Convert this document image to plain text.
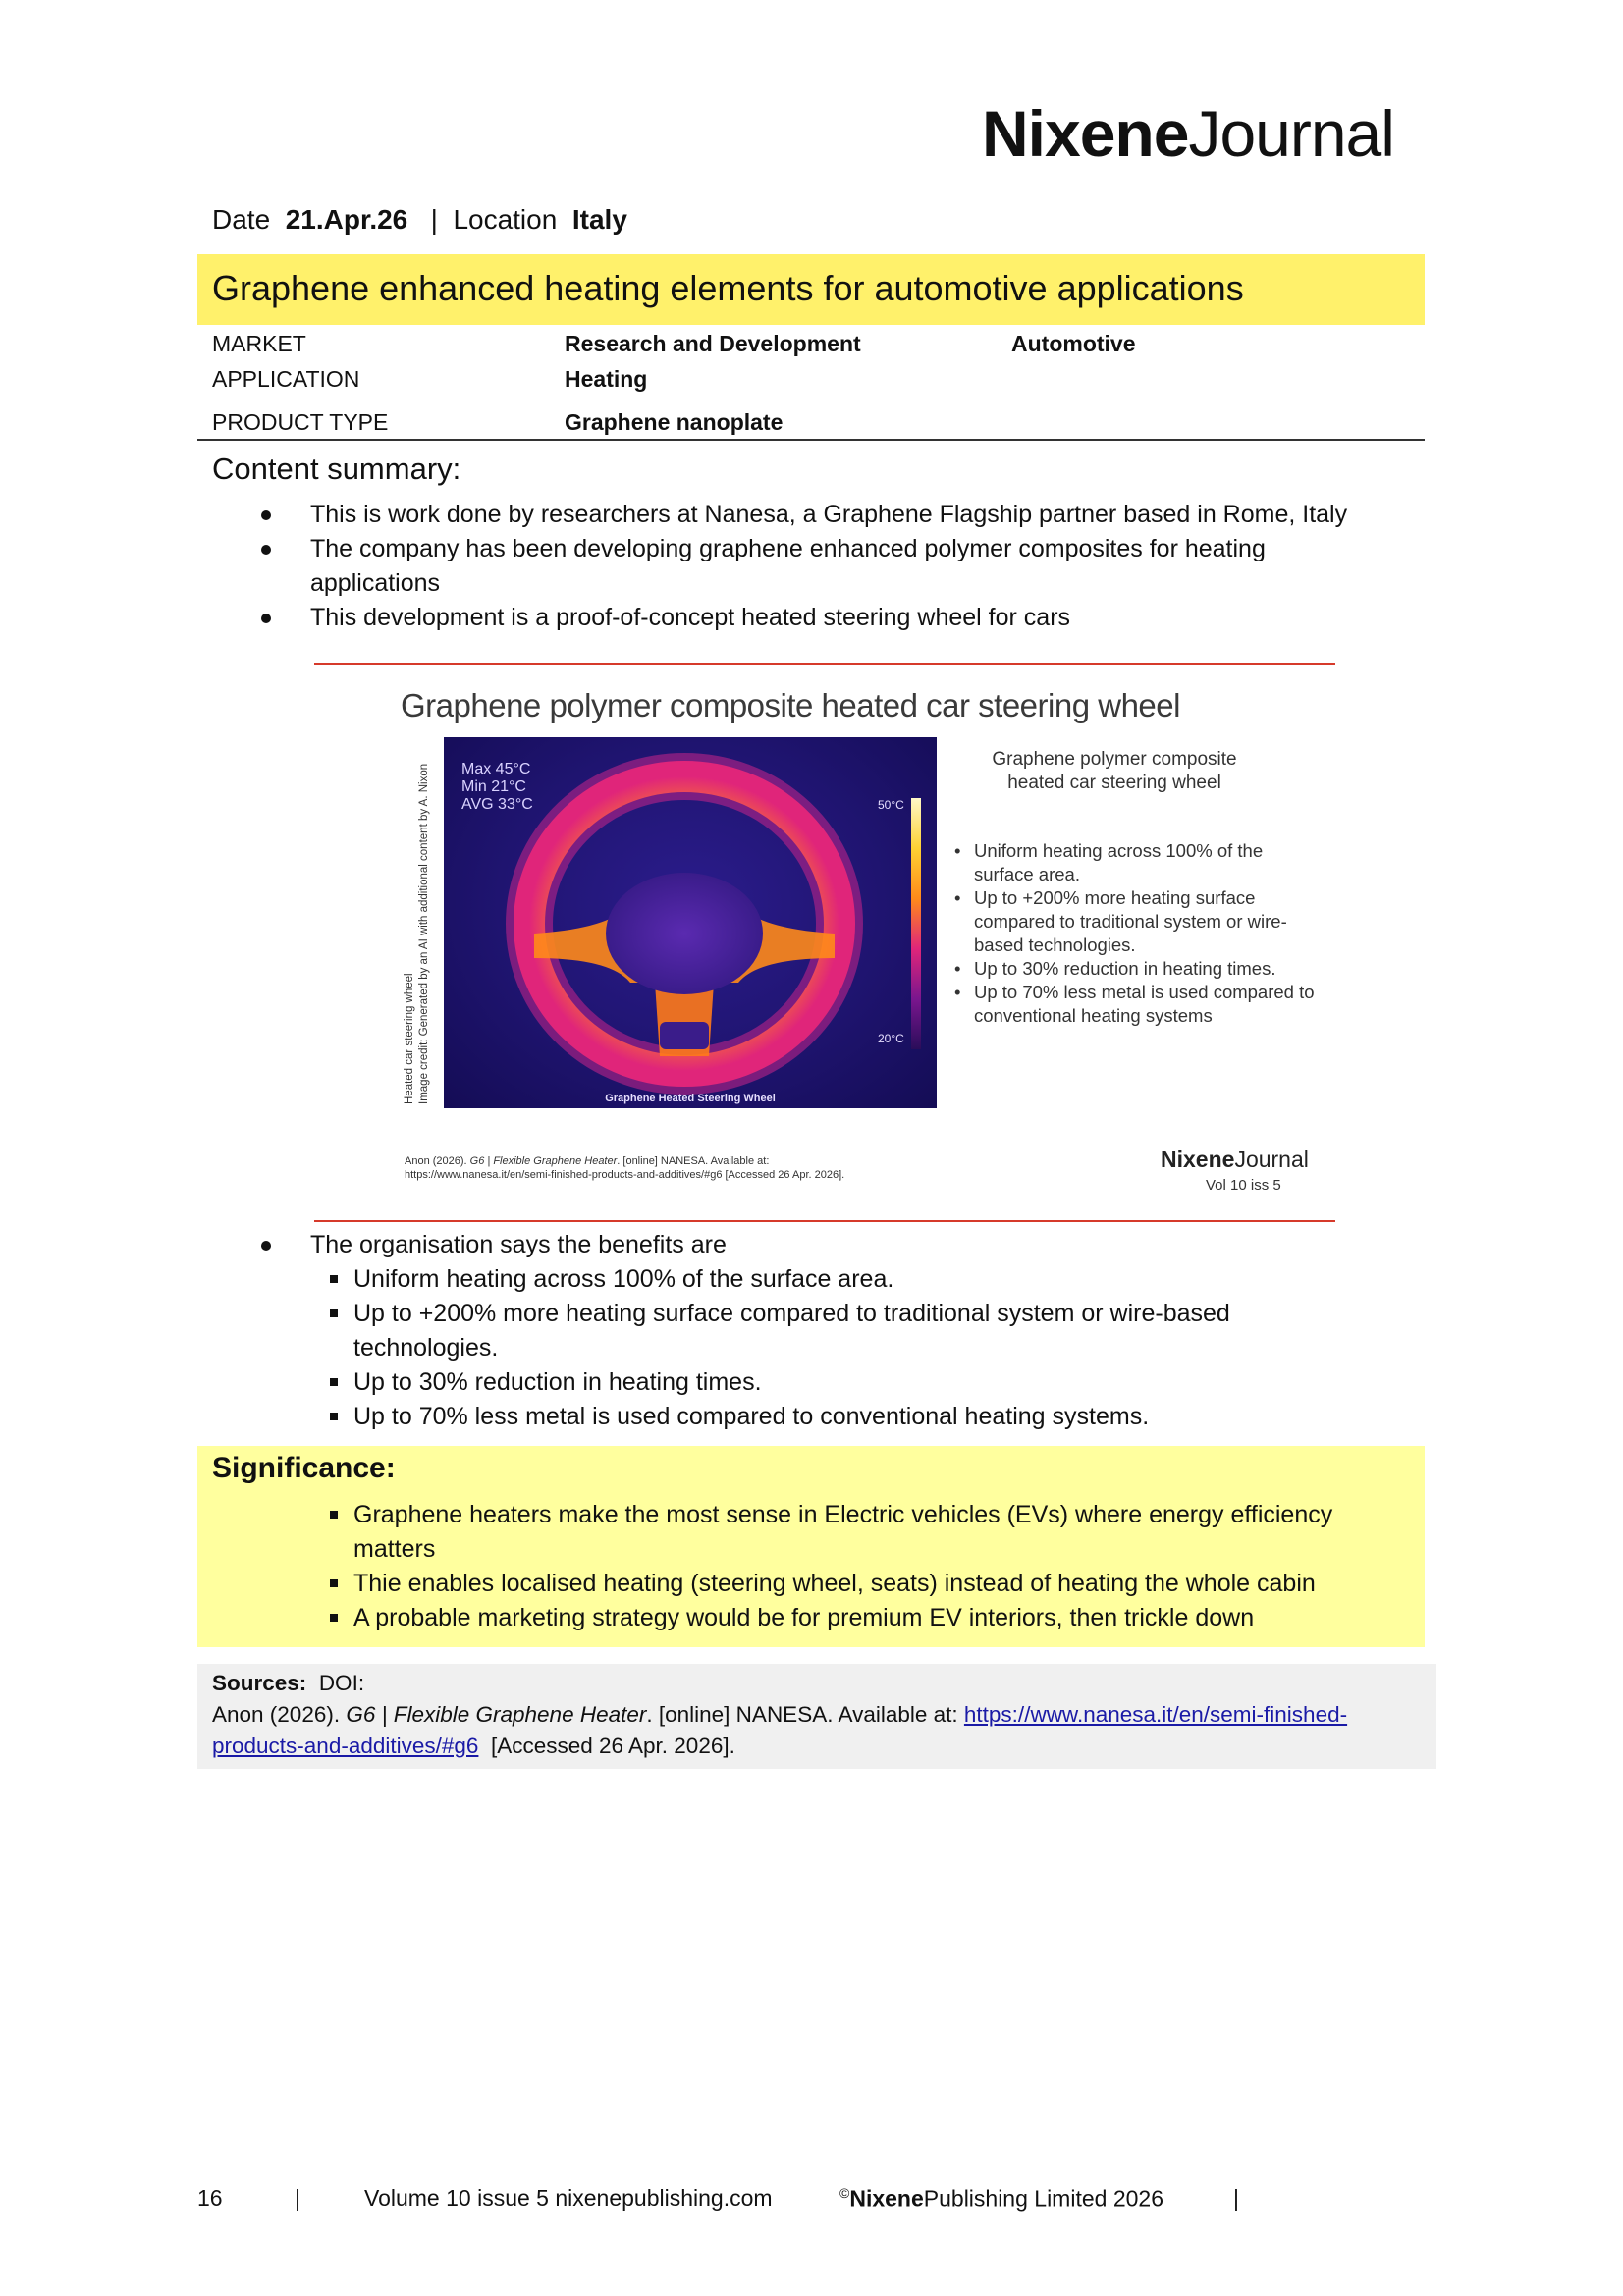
NixeneJournal
Date 21.Apr.26 | Location Italy
Graphene enhanced heating elements for automotive applications
MARKET	Research and Development	Automotive
APPLICATION	Heating
PRODUCT TYPE	Graphene nanoplate
Content summary:
This is work done by researchers at Nanesa, a Graphene Flagship partner based in Rome, Italy
The company has been developing graphene enhanced polymer composites for heating applications
This development is a proof-of-concept heated steering wheel for cars
Graphene polymer composite heated car steering wheel
Heated car steering wheel Image credit: Generated by an AI with additional content by A. Nixon Max 45°C
Min 21°C
AVG 33°C	50°C
20°C
Graphene Heated Steering Wheel
Graphene polymer composite heated car steering wheel
• Uniform heating across 100% of the surface area.
• Up to +200% more heating surface compared to traditional system or wire-based technologies.
• Up to 30% reduction in heating times.
• Up to 70% less metal is used compared to conventional heating systems
Anon (2026). G6 | Flexible Graphene Heater. [online] NANESA. Available at:
https://www.nanesa.it/en/semi-finished-products-and-additives/#g6 [Accessed 26 Apr. 2026].
NixeneJournal
Vol 10 iss 5
The organisation says the benefits are
Uniform heating across 100% of the surface area.
Up to +200% more heating surface compared to traditional system or wire-based technologies.
Up to 30% reduction in heating times.
Up to 70% less metal is used compared to conventional heating systems.
Significance:
Graphene heaters make the most sense in Electric vehicles (EVs) where energy efficiency matters
Thie enables localised heating (steering wheel, seats) instead of heating the whole cabin
A probable marketing strategy would be for premium EV interiors, then trickle down
Sources: DOI:
Anon (2026). G6 | Flexible Graphene Heater. [online] NANESA. Available at: https://www.nanesa.it/en/semi-finished-products-and-additives/#g6 [Accessed 26 Apr. 2026].
16	|	Volume 10 issue 5 nixenepublishing.com	©NixenePublishing Limited 2026	|
